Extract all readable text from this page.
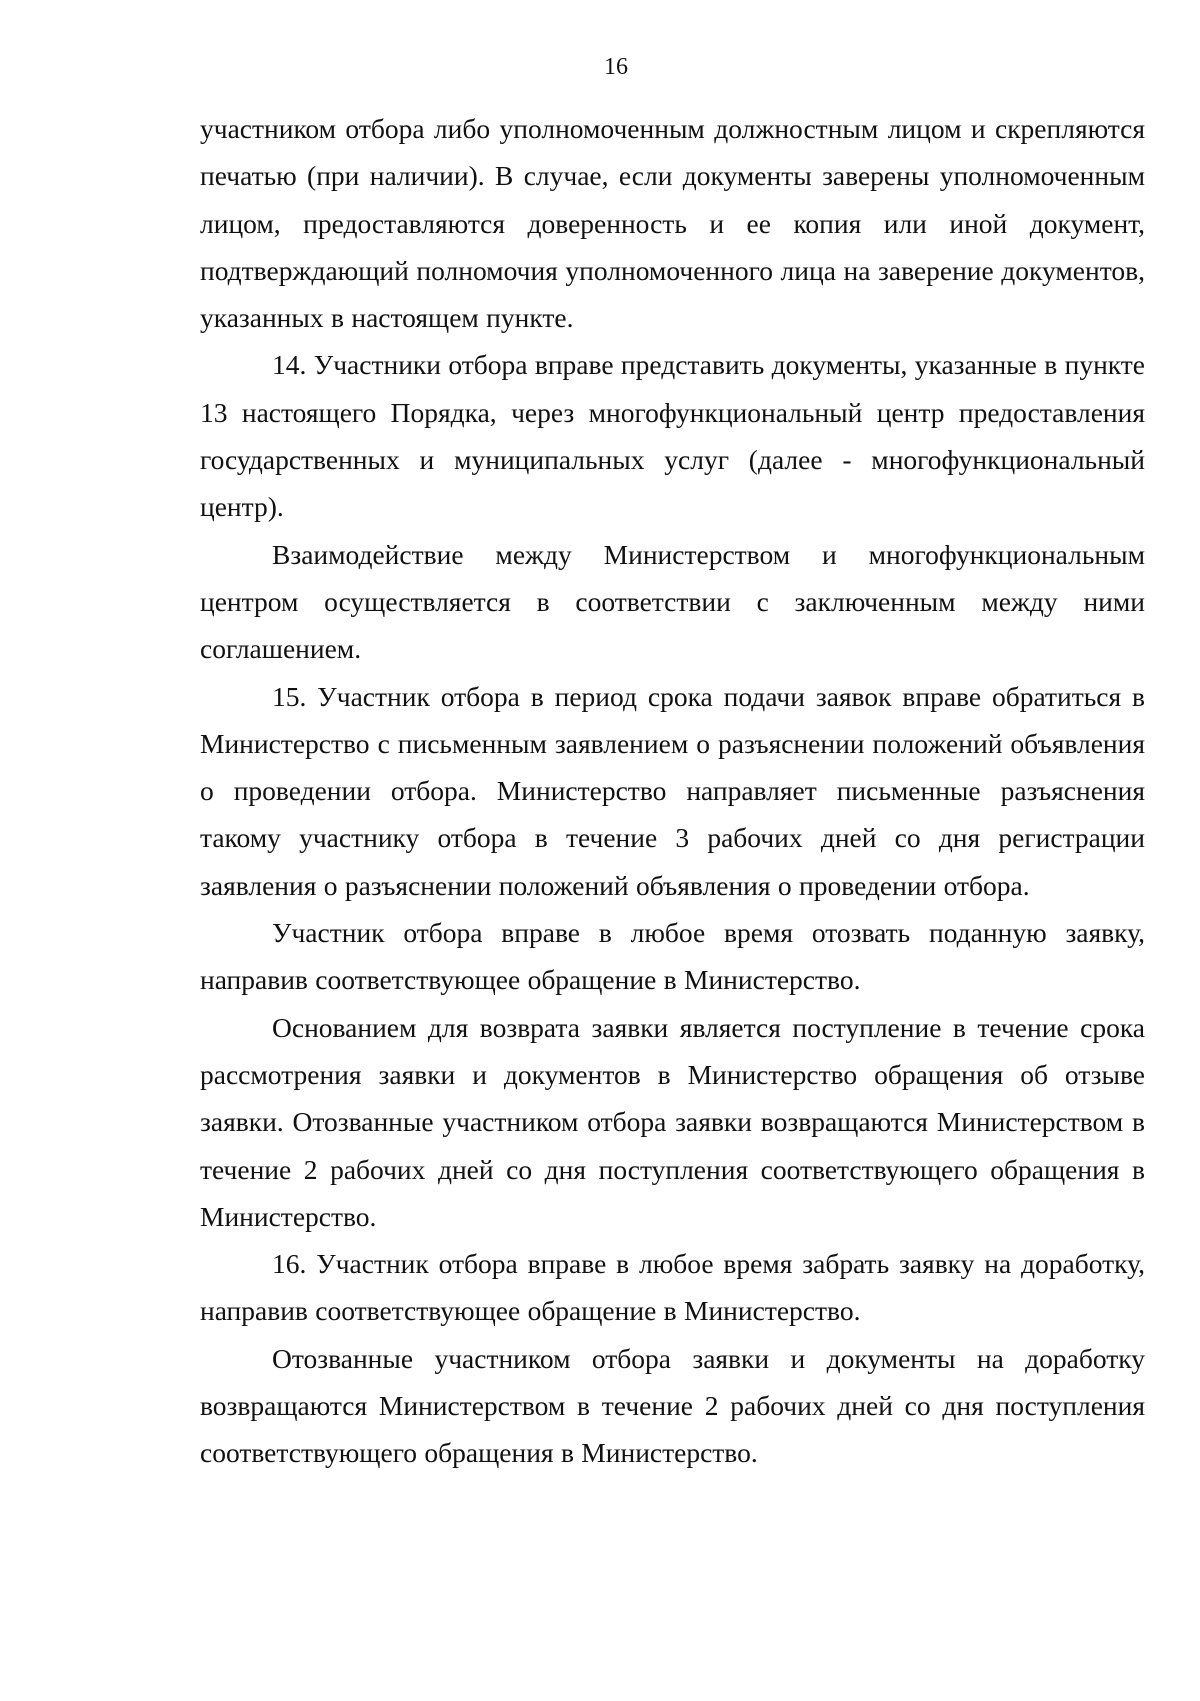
16

участником отбора либо уполномоченным должностным лицом и скрепляются печатью (при наличии). В случае, если документы заверены уполномоченным лицом, предоставляются доверенность и ее копия или иной документ, подтверждающий полномочия уполномоченного лица на заверение документов, указанных в настоящем пункте.

14. Участники отбора вправе представить документы, указанные в пункте 13 настоящего Порядка, через многофункциональный центр предоставления государственных и муниципальных услуг (далее - многофункциональный центр).

Взаимодействие между Министерством и многофункциональным центром осуществляется в соответствии с заключенным между ними соглашением.

15. Участник отбора в период срока подачи заявок вправе обратиться в Министерство с письменным заявлением о разъяснении положений объявления о проведении отбора. Министерство направляет письменные разъяснения такому участнику отбора в течение 3 рабочих дней со дня регистрации заявления о разъяснении положений объявления о проведении отбора.

Участник отбора вправе в любое время отозвать поданную заявку, направив соответствующее обращение в Министерство.

Основанием для возврата заявки является поступление в течение срока рассмотрения заявки и документов в Министерство обращения об отзыве заявки. Отозванные участником отбора заявки возвращаются Министерством в течение 2 рабочих дней со дня поступления соответствующего обращения в Министерство.

16. Участник отбора вправе в любое время забрать заявку на доработку, направив соответствующее обращение в Министерство.

Отозванные участником отбора заявки и документы на доработку возвращаются Министерством в течение 2 рабочих дней со дня поступления соответствующего обращения в Министерство.
